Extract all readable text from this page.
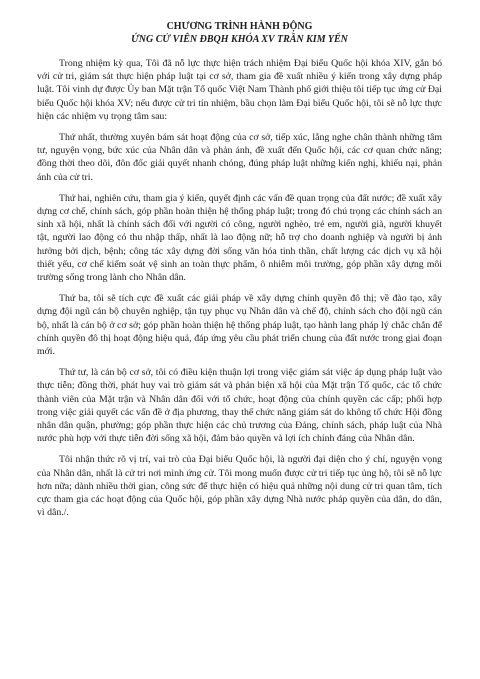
CHƯƠNG TRÌNH HÀNH ĐỘNG

ỨNG CỬ VIÊN ĐBQH KHÓA XV TRẦN KIM YẾN

Trong nhiệm kỳ qua, Tôi đã nỗ lực thực hiện trách nhiệm Đại biểu Quốc hội khóa XIV, gắn bó với cử tri, giám sát thực hiện pháp luật tại cơ sở, tham gia đề xuất nhiều ý kiến trong xây dựng pháp luật. Tôi vinh dự được Ủy ban Mặt trận Tổ quốc Việt Nam Thành phố giới thiệu tôi tiếp tục ứng cử Đại biểu Quốc hội khóa XV; nếu được cử tri tín nhiệm, bầu chọn làm Đại biểu Quốc hội, tôi sẽ nỗ lực thực hiện các nhiệm vụ trọng tâm sau:

Thứ nhất, thường xuyên bám sát hoạt động của cơ sở, tiếp xúc, lắng nghe chân thành những tâm tư, nguyện vọng, bức xúc của Nhân dân và phản ánh, đề xuất đến Quốc hội, các cơ quan chức năng; đồng thời theo dõi, đôn đốc giải quyết nhanh chóng, đúng pháp luật những kiến nghị, khiếu nại, phản ánh của cử tri.

Thứ hai, nghiên cứu, tham gia ý kiến, quyết định các vấn đề quan trọng của đất nước; đề xuất xây dựng cơ chế, chính sách, góp phần hoàn thiện hệ thống pháp luật; trong đó chú trọng các chính sách an sinh xã hội, nhất là chính sách đối với người có công, người nghèo, trẻ em, người già, người khuyết tật, người lao động có thu nhập thấp, nhất là lao động nữ; hỗ trợ cho doanh nghiệp và người bị ảnh hưởng bởi dịch, bệnh; công tác xây dựng đời sống văn hóa tinh thần, chất lượng các dịch vụ xã hội thiết yếu, cơ chế kiểm soát vệ sinh an toàn thực phẩm, ô nhiễm môi trường, góp phần xây dựng môi trường sống trong lành cho Nhân dân.

Thứ ba, tôi sẽ tích cực đề xuất các giải pháp về xây dựng chính quyền đô thị; về đào tạo, xây dựng đội ngũ cán bộ chuyên nghiệp, tận tụy phục vụ Nhân dân và chế độ, chính sách cho đội ngũ cán bộ, nhất là cán bộ ở cơ sở; góp phần hoàn thiện hệ thống pháp luật, tạo hành lang pháp lý chắc chắn để chính quyền đô thị hoạt động hiệu quả, đáp ứng yêu cầu phát triển chung của đất nước trong giai đoạn mới.

Thứ tư, là cán bộ cơ sở, tôi có điều kiện thuận lợi trong việc giám sát việc áp dụng pháp luật vào thực tiễn; đồng thời, phát huy vai trò giám sát và phản biện xã hội của Mặt trận Tổ quốc, các tổ chức thành viên của Mặt trận và Nhân dân đối với tổ chức, hoạt động của chính quyền các cấp; phối hợp trong việc giải quyết các vấn đề ở địa phương, thay thế chức năng giám sát do không tổ chức Hội đồng nhân dân quận, phường; góp phần thực hiện các chủ trương của Đảng, chính sách, pháp luật của Nhà nước phù hợp với thực tiễn đời sống xã hội, đảm bảo quyền và lợi ích chính đáng của Nhân dân.

Tôi nhận thức rõ vị trí, vai trò của Đại biểu Quốc hội, là người đại diện cho ý chí, nguyện vọng của Nhân dân, nhất là cử tri nơi mình ứng cử. Tôi mong muốn được cử tri tiếp tục ủng hộ, tôi sẽ nỗ lực hơn nữa; dành nhiều thời gian, công sức để thực hiện có hiệu quả những nội dung cử tri quan tâm, tích cực tham gia các hoạt động của Quốc hội, góp phần xây dựng Nhà nước pháp quyền của dân, do dân, vì dân./.
